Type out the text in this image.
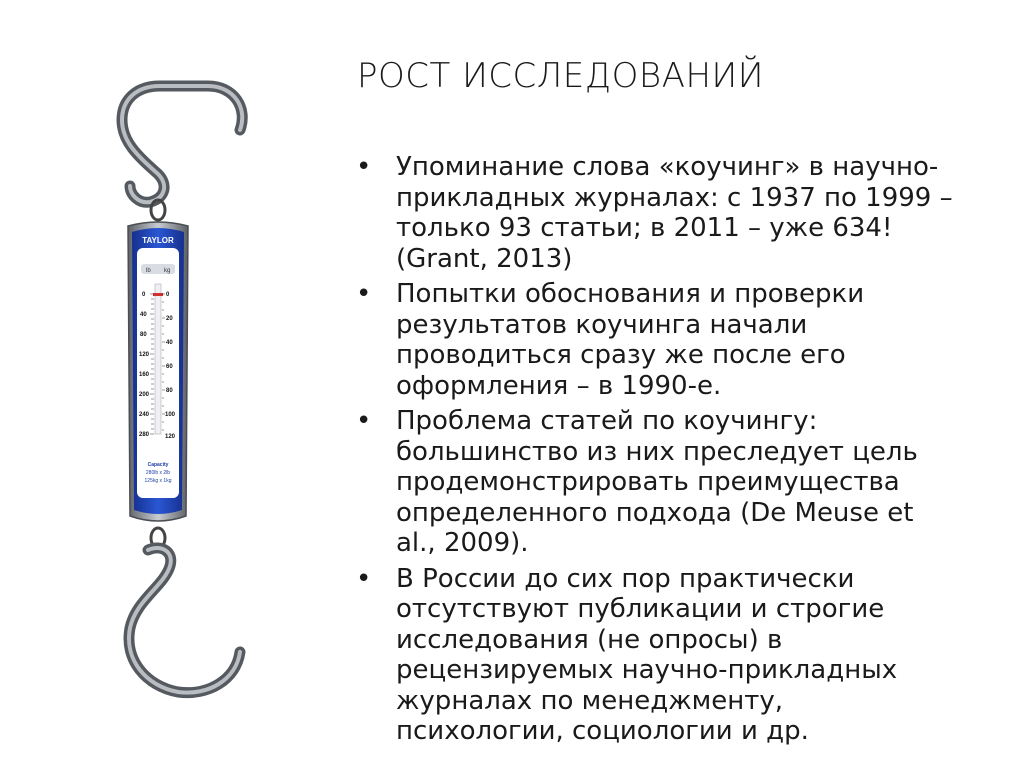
TAYLOR
lb kg
0
40
80
120
160
200
240
280
0
20
40
60
80
100
120
Capacity
280lb x 2lb
125kg x 1kg
РОСТ ИССЛЕДОВАНИЙ
• Упоминание слова «коучинг» в научно-
прикладных журналах: с 1937 по 1999 –
только 93 статьи; в 2011 – уже 634!
(Grant, 2013)
• Попытки обоснования и проверки
результатов коучинга начали
проводиться сразу же после его
оформления – в 1990-е.
• Проблема статей по коучингу:
большинство из них преследует цель
продемонстрировать преимущества
определенного подхода (De Meuse et
al., 2009).
• В России до сих пор практически
отсутствуют публикации и строгие
исследования (не опросы) в
рецензируемых научно-прикладных
журналах по менеджменту,
психологии, социологии и др.
